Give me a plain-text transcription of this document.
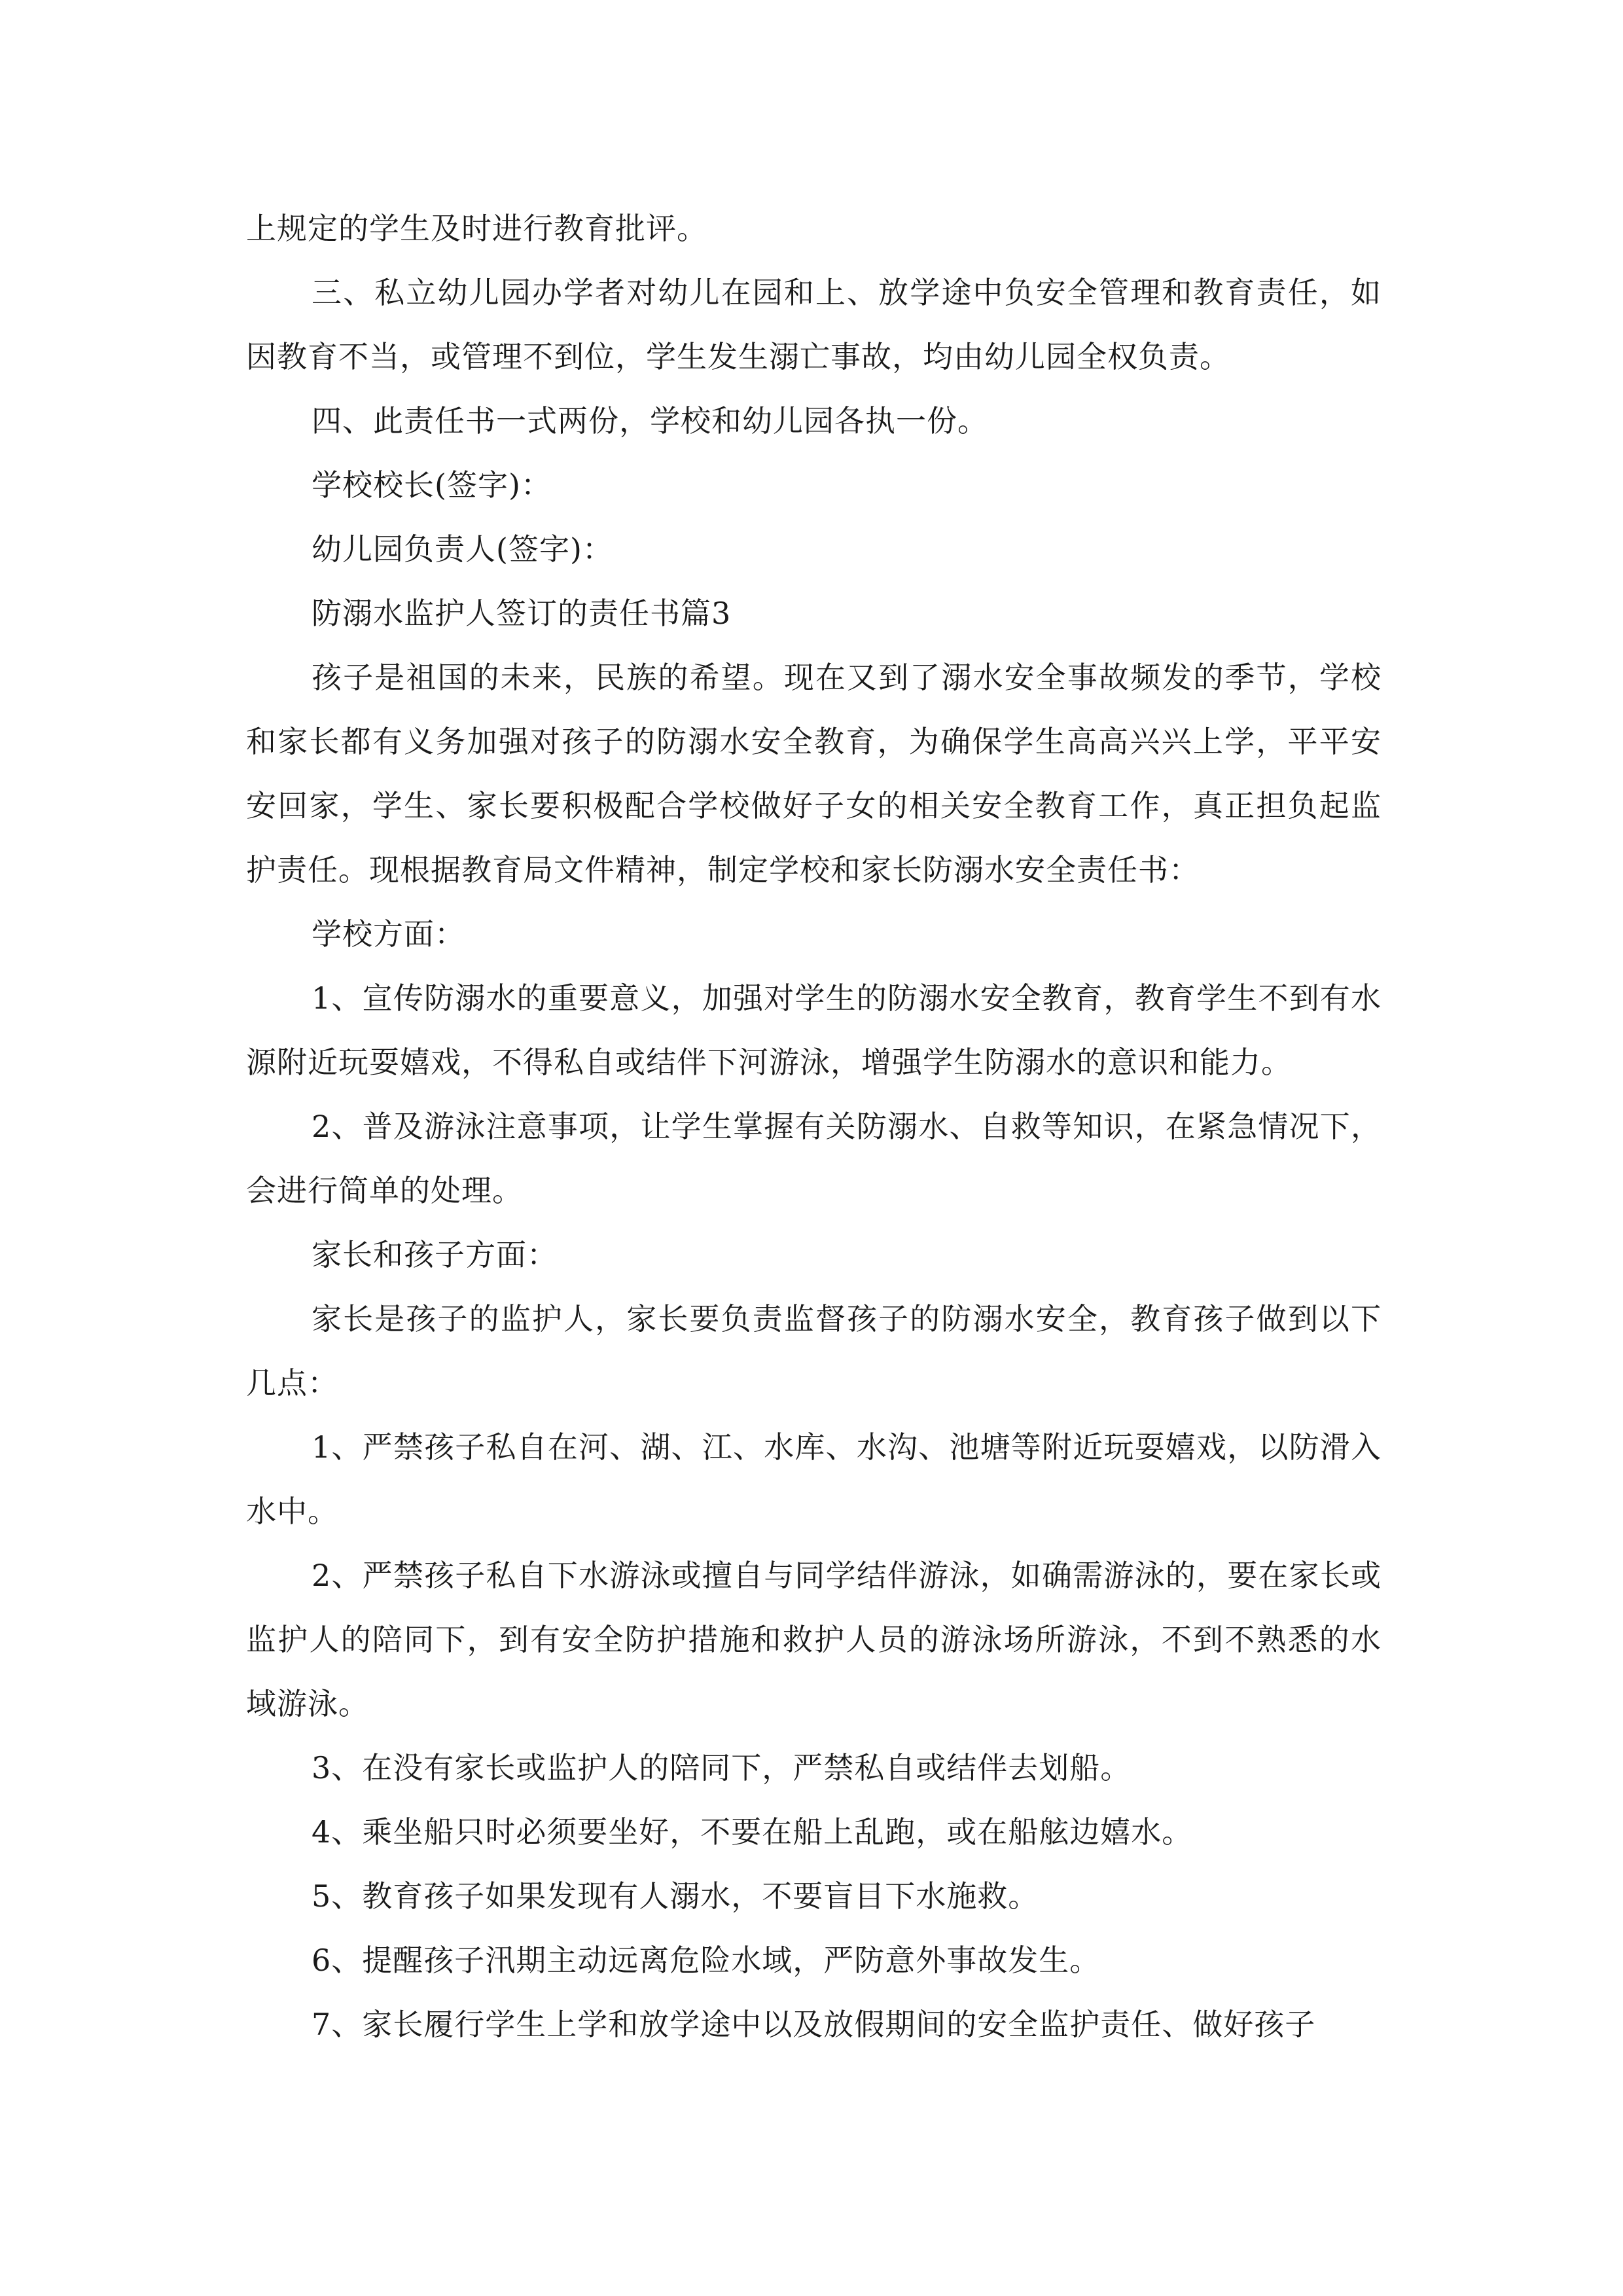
上规定的学生及时进行教育批评。

三、私立幼儿园办学者对幼儿在园和上、放学途中负安全管理和教育责任，如因教育不当，或管理不到位，学生发生溺亡事故，均由幼儿园全权负责。

四、此责任书一式两份，学校和幼儿园各执一份。

学校校长(签字)：

幼儿园负责人(签字)：

防溺水监护人签订的责任书篇3

孩子是祖国的未来，民族的希望。现在又到了溺水安全事故频发的季节，学校和家长都有义务加强对孩子的防溺水安全教育，为确保学生高高兴兴上学，平平安安回家，学生、家长要积极配合学校做好子女的相关安全教育工作，真正担负起监护责任。现根据教育局文件精神，制定学校和家长防溺水安全责任书：

学校方面：

1、宣传防溺水的重要意义，加强对学生的防溺水安全教育，教育学生不到有水源附近玩耍嬉戏，不得私自或结伴下河游泳，增强学生防溺水的意识和能力。

2、普及游泳注意事项，让学生掌握有关防溺水、自救等知识，在紧急情况下，会进行简单的处理。

家长和孩子方面：

家长是孩子的监护人，家长要负责监督孩子的防溺水安全，教育孩子做到以下几点：

1、严禁孩子私自在河、湖、江、水库、水沟、池塘等附近玩耍嬉戏，以防滑入水中。

2、严禁孩子私自下水游泳或擅自与同学结伴游泳，如确需游泳的，要在家长或监护人的陪同下，到有安全防护措施和救护人员的游泳场所游泳，不到不熟悉的水域游泳。

3、在没有家长或监护人的陪同下，严禁私自或结伴去划船。

4、乘坐船只时必须要坐好，不要在船上乱跑，或在船舷边嬉水。

5、教育孩子如果发现有人溺水，不要盲目下水施救。

6、提醒孩子汛期主动远离危险水域，严防意外事故发生。

7、家长履行学生上学和放学途中以及放假期间的安全监护责任、做好孩子
